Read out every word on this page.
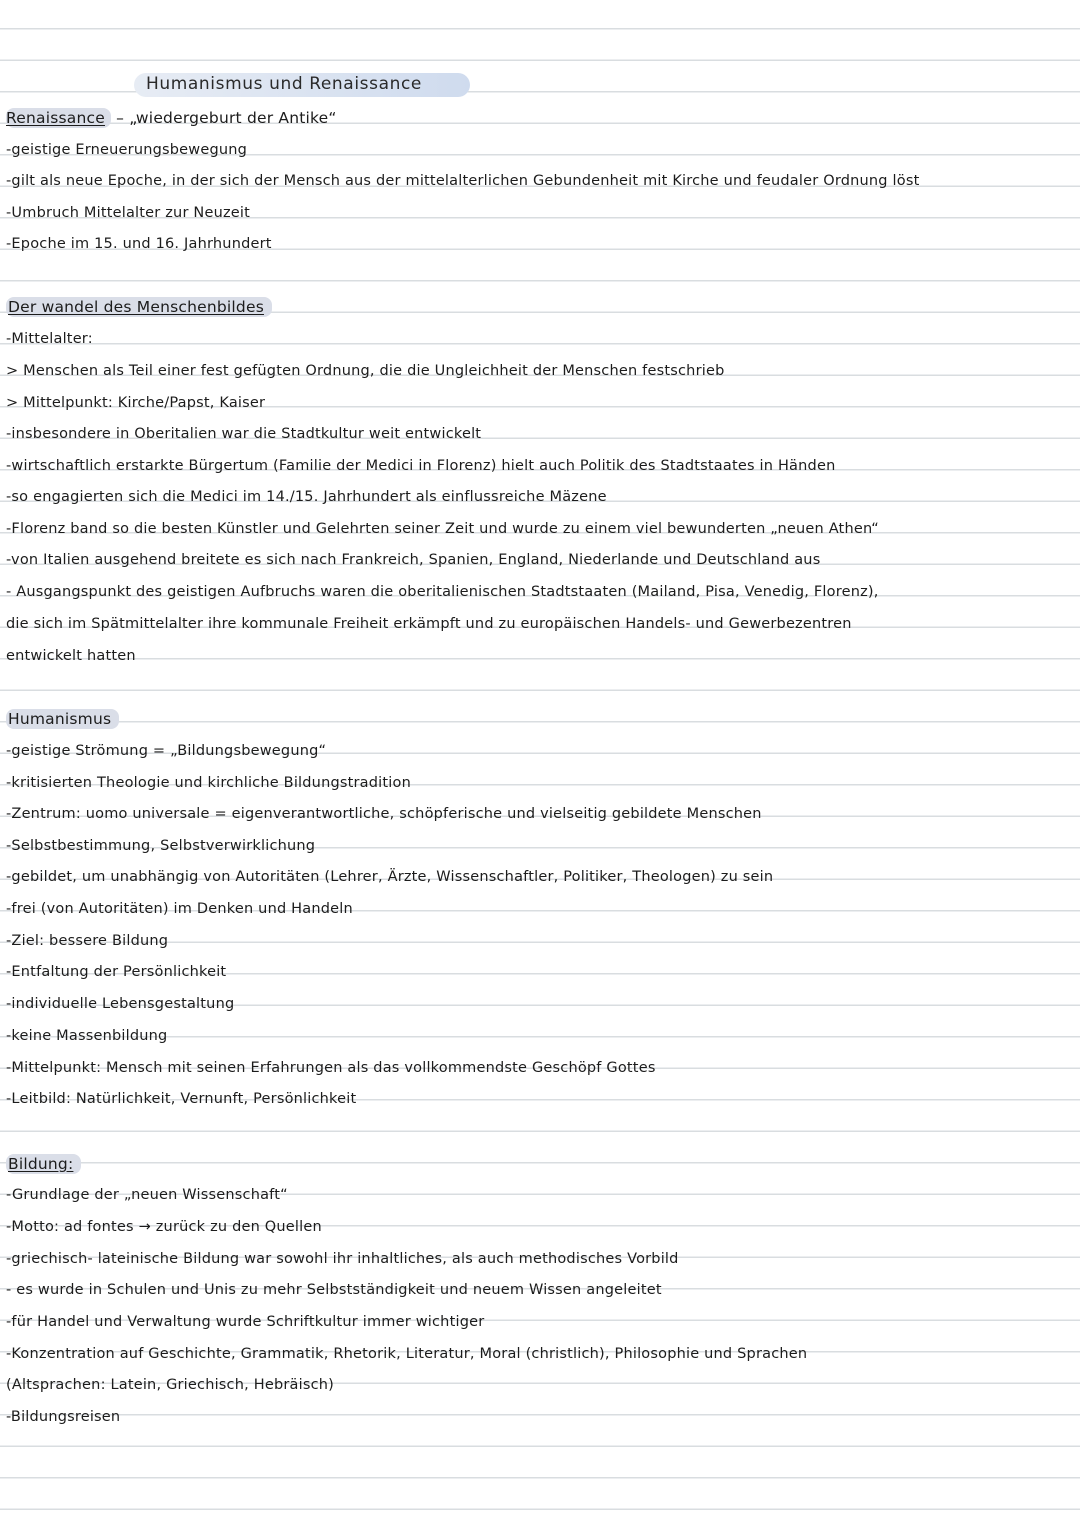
Humanismus und Renaissance
Renaissance – „wiedergeburt der Antike“
-geistige Erneuerungsbewegung
-gilt als neue Epoche, in der sich der Mensch aus der mittelalterlichen Gebundenheit mit Kirche und feudaler Ordnung löst
-Umbruch Mittelalter zur Neuzeit
-Epoche im 15. und 16. Jahrhundert
Der wandel des Menschenbildes
-Mittelalter:
> Menschen als Teil einer fest gefügten Ordnung, die die Ungleichheit der Menschen festschrieb
> Mittelpunkt: Kirche/Papst, Kaiser
-insbesondere in Oberitalien war die Stadtkultur weit entwickelt
-wirtschaftlich erstarkte Bürgertum (Familie der Medici in Florenz) hielt auch Politik des Stadtstaates in Händen
-so engagierten sich die Medici im 14./15. Jahrhundert als einflussreiche Mäzene
-Florenz band so die besten Künstler und Gelehrten seiner Zeit und wurde zu einem viel bewunderten „neuen Athen“
-von Italien ausgehend breitete es sich nach Frankreich, Spanien, England, Niederlande und Deutschland aus
- Ausgangspunkt des geistigen Aufbruchs waren die oberitalienischen Stadtstaaten (Mailand, Pisa, Venedig, Florenz),
die sich im Spätmittelalter ihre kommunale Freiheit erkämpft und zu europäischen Handels- und Gewerbezentren
entwickelt hatten
Humanismus
-geistige Strömung = „Bildungsbewegung“
-kritisierten Theologie und kirchliche Bildungstradition
-Zentrum: uomo universale = eigenverantwortliche, schöpferische und vielseitig gebildete Menschen
-Selbstbestimmung, Selbstverwirklichung
-gebildet, um unabhängig von Autoritäten (Lehrer, Ärzte, Wissenschaftler, Politiker, Theologen) zu sein
-frei (von Autoritäten) im Denken und Handeln
-Ziel: bessere Bildung
-Entfaltung der Persönlichkeit
-individuelle Lebensgestaltung
-keine Massenbildung
-Mittelpunkt: Mensch mit seinen Erfahrungen als das vollkommendste Geschöpf Gottes
-Leitbild: Natürlichkeit, Vernunft, Persönlichkeit
Bildung:
-Grundlage der „neuen Wissenschaft“
-Motto: ad fontes → zurück zu den Quellen
-griechisch- lateinische Bildung war sowohl ihr inhaltliches, als auch methodisches Vorbild
- es wurde in Schulen und Unis zu mehr Selbstständigkeit und neuem Wissen angeleitet
-für Handel und Verwaltung wurde Schriftkultur immer wichtiger
-Konzentration auf Geschichte, Grammatik, Rhetorik, Literatur, Moral (christlich), Philosophie und Sprachen
(Altsprachen: Latein, Griechisch, Hebräisch)
-Bildungsreisen
